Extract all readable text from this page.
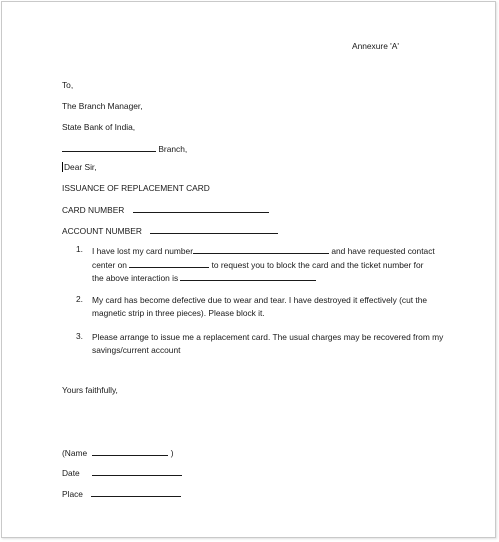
Annexure 'A'
To,
The Branch Manager,
State Bank of India,
Branch,
Dear Sir,
ISSUANCE OF REPLACEMENT CARD
CARD NUMBER
ACCOUNT NUMBER
1. I have lost my card number	and have requested contact
center on	to request you to block the card and the ticket number for
the above interaction is
2. My card has become defective due to wear and tear. I have destroyed it effectively (cut the magnetic strip in three pieces). Please block it.
3. Please arrange to issue me a replacement card. The usual charges may be recovered from my savings/current account
Yours faithfully,
(Name	)
Date
Place
